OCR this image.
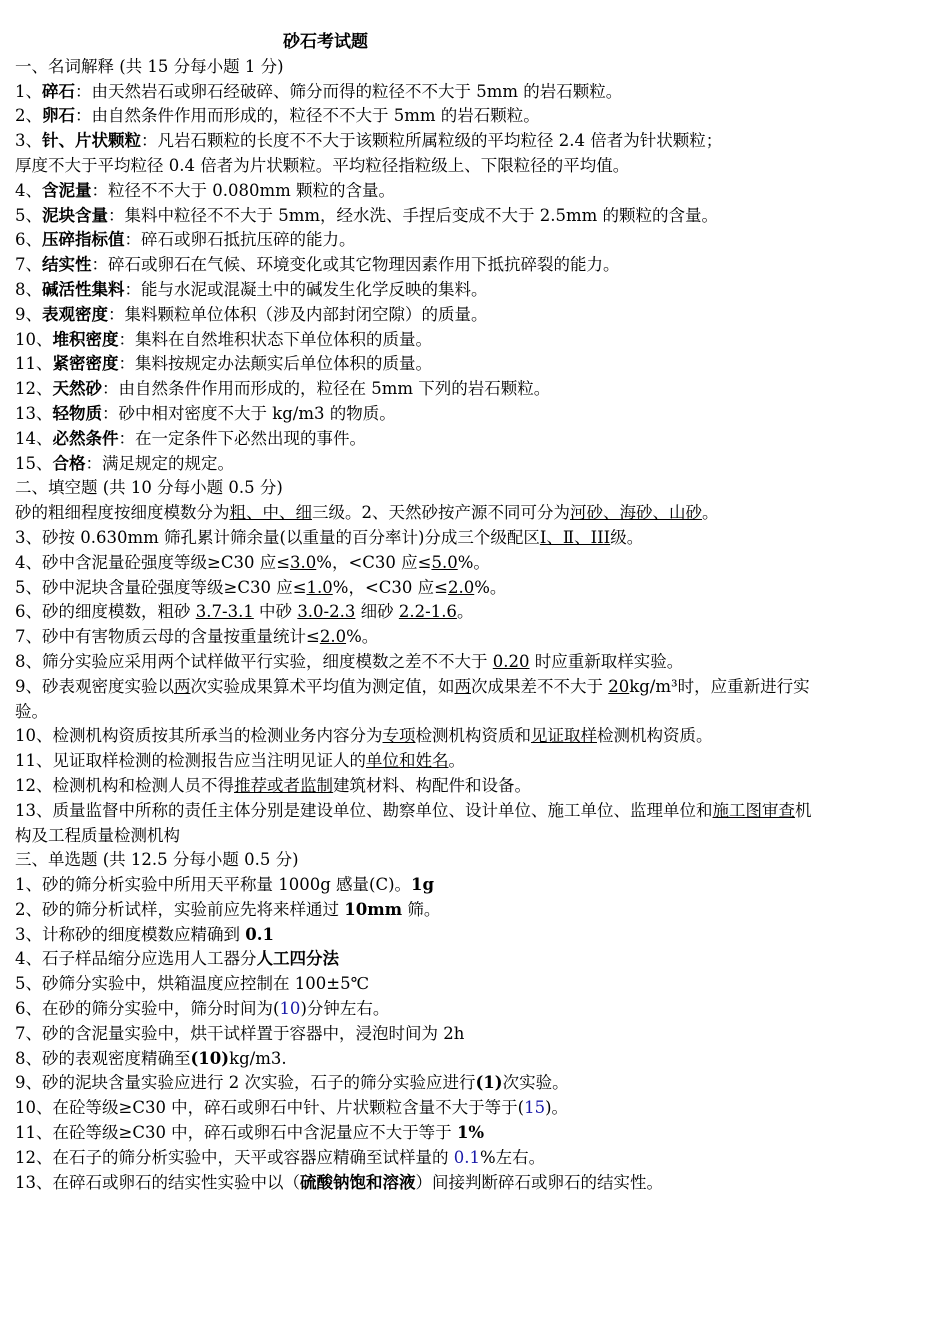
砂石考试题
一、名词解释 (共 15 分每小题 1 分)
1、碎石：由天然岩石或卵石经破碎、筛分而得的粒径不不大于 5mm 的岩石颗粒。
2、卵石：由自然条件作用而形成的，粒径不不大于 5mm 的岩石颗粒。
3、针、片状颗粒：凡岩石颗粒的长度不不大于该颗粒所属粒级的平均粒径 2.4 倍者为针状颗粒；
厚度不大于平均粒径 0.4 倍者为片状颗粒。平均粒径指粒级上、下限粒径的平均值。
4、含泥量：粒径不不大于 0.080mm 颗粒的含量。
5、泥块含量：集料中粒径不不大于 5mm，经水洗、手捏后变成不大于 2.5mm 的颗粒的含量。
6、压碎指标值：碎石或卵石抵抗压碎的能力。
7、结实性：碎石或卵石在气候、环境变化或其它物理因素作用下抵抗碎裂的能力。
8、碱活性集料：能与水泥或混凝土中的碱发生化学反映的集料。
9、表观密度：集料颗粒单位体积（涉及内部封闭空隙）的质量。
10、堆积密度：集料在自然堆积状态下单位体积的质量。
11、紧密密度：集料按规定办法颠实后单位体积的质量。
12、天然砂：由自然条件作用而形成的，粒径在 5mm 下列的岩石颗粒。
13、轻物质：砂中相对密度不大于 kg/m3 的物质。
14、必然条件：在一定条件下必然出现的事件。
15、合格：满足规定的规定。
二、填空题 (共 10 分每小题 0.5 分)
砂的粗细程度按细度模数分为粗、中、细三级。2、天然砂按产源不同可分为河砂、海砂、山砂。
3、砂按 0.630mm 筛孔累计筛余量(以重量的百分率计)分成三个级配区Ⅰ、Ⅱ、III级。
4、砂中含泥量砼强度等级≥C30 应≤3.0%，<C30 应≤5.0%。
5、砂中泥块含量砼强度等级≥C30 应≤1.0%，<C30 应≤2.0%。
6、砂的细度模数，粗砂 3.7-3.1 中砂 3.0-2.3 细砂 2.2-1.6。
7、砂中有害物质云母的含量按重量统计≤2.0%。
8、筛分实验应采用两个试样做平行实验，细度模数之差不不大于 0.20 时应重新取样实验。
9、砂表观密度实验以两次实验成果算术平均值为测定值，如两次成果差不不大于 20kg/m³时，应重新进行实验。
10、检测机构资质按其所承当的检测业务内容分为专项检测机构资质和见证取样检测机构资质。
11、见证取样检测的检测报告应当注明见证人的单位和姓名。
12、检测机构和检测人员不得推荐或者监制建筑材料、构配件和设备。
13、质量监督中所称的责任主体分别是建设单位、勘察单位、设计单位、施工单位、监理单位和施工图审查机构及工程质量检测机构
三、单选题 (共 12.5 分每小题 0.5 分)
1、砂的筛分析实验中所用天平称量 1000g 感量(C)。1g
2、砂的筛分析试样，实验前应先将来样通过 10mm 筛。
3、计称砂的细度模数应精确到 0.1
4、石子样品缩分应选用人工器分人工四分法
5、砂筛分实验中，烘箱温度应控制在 100±5℃
6、在砂的筛分实验中，筛分时间为(10)分钟左右。
7、砂的含泥量实验中，烘干试样置于容器中，浸泡时间为 2h
8、砂的表观密度精确至(10)kg/m3.
9、砂的泥块含量实验应进行 2 次实验，石子的筛分实验应进行(1)次实验。
10、在砼等级≥C30 中，碎石或卵石中针、片状颗粒含量不大于等于(15)。
11、在砼等级≥C30 中，碎石或卵石中含泥量应不大于等于 1%
12、在石子的筛分析实验中，天平或容器应精确至试样量的 0.1%左右。
13、在碎石或卵石的结实性实验中以（硫酸钠饱和溶液）间接判断碎石或卵石的结实性。
